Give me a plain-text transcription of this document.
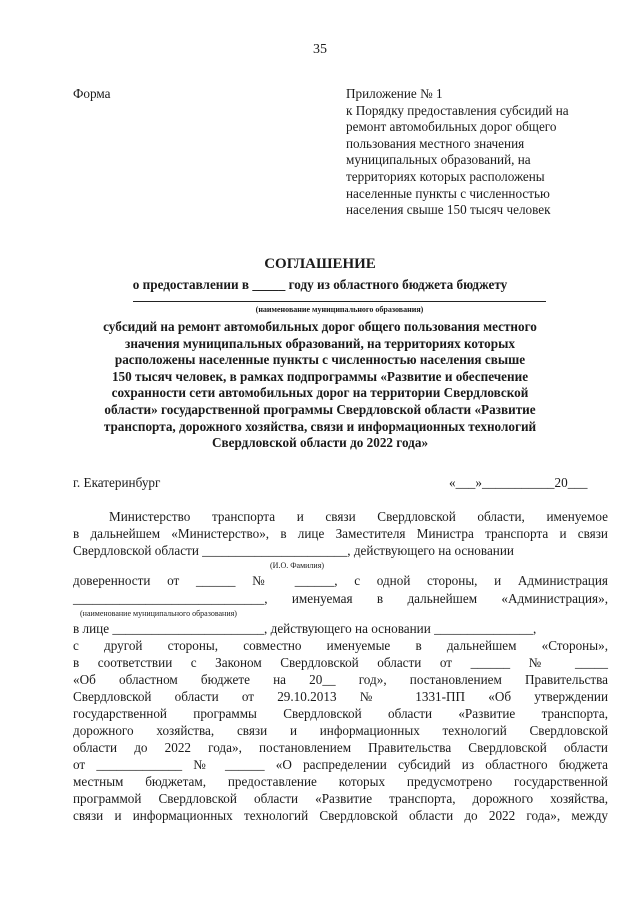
35
Форма	Приложение № 1
к Порядку предоставления субсидий на
ремонт автомобильных дорог общего
пользования местного значения
муниципальных образований, на
территориях которых расположены
населенные пункты с численностью
населения свыше 150 тысяч человек
СОГЛАШЕНИЕ
о предоставлении в _____ году из областного бюджета бюджету
(наименование муниципального образования)
субсидий на ремонт автомобильных дорог общего пользования местного
значения муниципальных образований, на территориях которых
расположены населенные пункты с численностью населения свыше
150 тысяч человек, в рамках подпрограммы «Развитие и обеспечение
сохранности сети автомобильных дорог на территории Свердловской
области» государственной программы Свердловской области «Развитие
транспорта, дорожного хозяйства, связи и информационных технологий
Свердловской области до 2022 года»
г. Екатеринбург	«___»___________20___
Министерство транспорта и связи Свердловской области, именуемое
в дальнейшем «Министерство», в лице Заместителя Министра транспорта и связи
Свердловской области ______________________, действующего на основании
(И.О. Фамилия)
доверенности от ______ № ______, с одной стороны, и Администрация
_____________________________, именуемая в дальнейшем «Администрация»,
(наименование муниципального образования)
в лице _______________________, действующего на основании _______________,
с другой стороны, совместно именуемые в дальнейшем «Стороны»,
в соответствии с Законом Свердловской области от ______ № _____
«Об областном бюджете на 20__ год», постановлением Правительства
Свердловской области от 29.10.2013 № 1331-ПП «Об утверждении
государственной программы Свердловской области «Развитие транспорта,
дорожного хозяйства, связи и информационных технологий Свердловской
области до 2022 года», постановлением Правительства Свердловской области
от _____________ № ______ «О распределении субсидий из областного бюджета
местным бюджетам, предоставление которых предусмотрено государственной
программой Свердловской области «Развитие транспорта, дорожного хозяйства,
связи и информационных технологий Свердловской области до 2022 года», между
